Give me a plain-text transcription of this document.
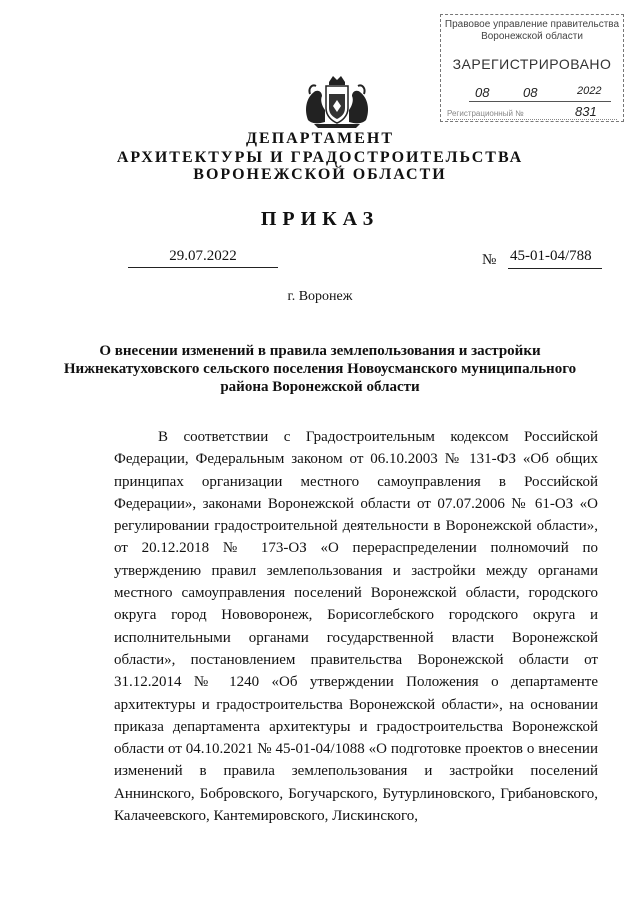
Правовое управление правительства
Воронежской области
ЗАРЕГИСТРИРОВАНО
08	08	2022
Регистрационный №	831
ДЕПАРТАМЕНТ
АРХИТЕКТУРЫ И ГРАДОСТРОИТЕЛЬСТВА
ВОРОНЕЖСКОЙ ОБЛАСТИ
ПРИКАЗ
29.07.2022	№ 45-01-04/788
г. Воронеж
О внесении изменений в правила землепользования и застройки Нижнекатуховского сельского поселения Новоусманского муниципального района Воронежской области

В соответствии с Градостроительным кодексом Российской Федерации, Федеральным законом от 06.10.2003 № 131-ФЗ «Об общих принципах организации местного самоуправления в Российской Федерации», законами Воронежской области от 07.07.2006 № 61-ОЗ «О регулировании градостроительной деятельности в Воронежской области», от 20.12.2018 № 173-ОЗ «О перераспределении полномочий по утверждению правил землепользования и застройки между органами местного самоуправления поселений Воронежской области, городского округа город Нововоронеж, Борисоглебского городского округа и исполнительными органами государственной власти Воронежской области», постановлением правительства Воронежской области от 31.12.2014 № 1240 «Об утверждении Положения о департаменте архитектуры и градостроительства Воронежской области», на основании приказа департамента архитектуры и градостроительства Воронежской области от 04.10.2021 № 45-01-04/1088 «О подготовке проектов о внесении изменений в правила землепользования и застройки поселений Аннинского, Бобровского, Богучарского, Бутурлиновского, Грибановского, Калачеевского, Кантемировского, Лискинского,
